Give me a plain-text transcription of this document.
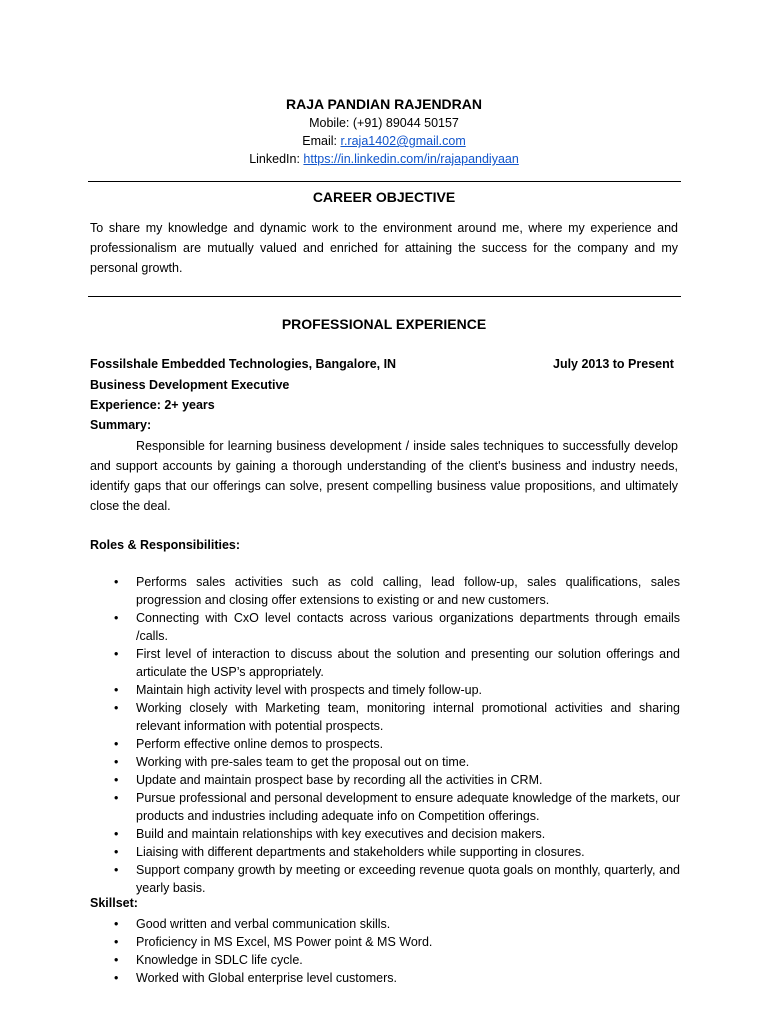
RAJA PANDIAN RAJENDRAN
Mobile: (+91) 89044 50157
Email: r.raja1402@gmail.com
LinkedIn: https://in.linkedin.com/in/rajapandiyaan
CAREER OBJECTIVE
To share my knowledge and dynamic work to the environment around me, where my experience and professionalism are mutually valued and enriched for attaining the success for the company and my personal growth.
PROFESSIONAL EXPERIENCE
Fossilshale Embedded Technologies, Bangalore, IN	July 2013 to Present
Business Development Executive
Experience: 2+ years
Summary:
Responsible for learning business development / inside sales techniques to successfully develop and support accounts by gaining a thorough understanding of the client's business and industry needs, identify gaps that our offerings can solve, present compelling business value propositions, and ultimately close the deal.
Roles & Responsibilities:
• Performs sales activities such as cold calling, lead follow-up, sales qualifications, sales progression and closing offer extensions to existing or and new customers.
• Connecting with CxO level contacts across various organizations departments through emails /calls.
• First level of interaction to discuss about the solution and presenting our solution offerings and articulate the USP’s appropriately.
• Maintain high activity level with prospects and timely follow-up.
• Working closely with Marketing team, monitoring internal promotional activities and sharing relevant information with potential prospects.
• Perform effective online demos to prospects.
• Working with pre-sales team to get the proposal out on time.
• Update and maintain prospect base by recording all the activities in CRM.
• Pursue professional and personal development to ensure adequate knowledge of the markets, our products and industries including adequate info on Competition offerings.
• Build and maintain relationships with key executives and decision makers.
• Liaising with different departments and stakeholders while supporting in closures.
• Support company growth by meeting or exceeding revenue quota goals on monthly, quarterly, and yearly basis.
Skillset:
• Good written and verbal communication skills.
• Proficiency in MS Excel, MS Power point & MS Word.
• Knowledge in SDLC life cycle.
• Worked with Global enterprise level customers.
